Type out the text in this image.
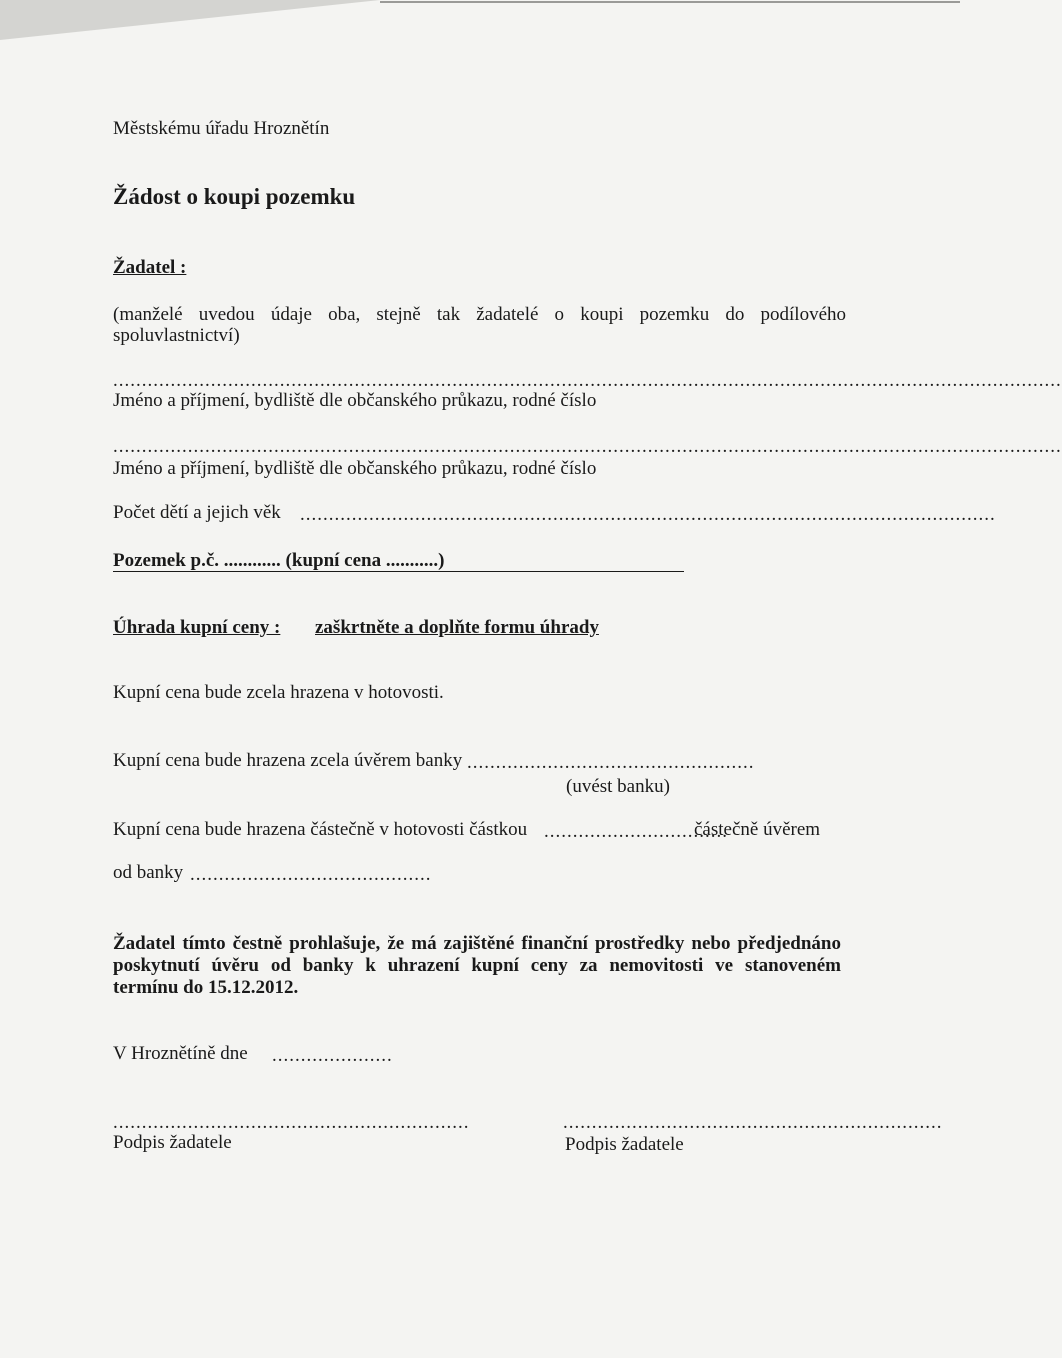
Městskému úřadu Hroznětín
Žádost o koupi pozemku
Žadatel :
(manželé uvedou údaje oba, stejně tak žadatelé o koupi pozemku do podílového
spoluvlastnictví)
.....................................................................................................................................................................
Jméno a příjmení, bydliště dle občanského průkazu, rodné číslo
.....................................................................................................................................................................
Jméno a příjmení, bydliště dle občanského průkazu, rodné číslo
Počet dětí a jejich věk .........................................................................................................................
Pozemek p.č. ............ (kupní cena ...........)
Úhrada kupní ceny : zaškrtněte a doplňte formu úhrady
Kupní cena bude zcela hrazena v hotovosti.
Kupní cena bude hrazena zcela úvěrem banky ..................................................
(uvést banku)
Kupní cena bude hrazena částečně v hotovosti částkou ................................
částečně úvěrem
od banky ..........................................
Žadatel tímto čestně prohlašuje, že má zajištěné finanční prostředky nebo předjednáno
poskytnutí úvěru od banky k uhrazení kupní ceny za nemovitosti ve stanoveném
termínu do 15.12.2012.
V Hroznětíně dne .....................
..............................................................
Podpis žadatele
..................................................................
Podpis žadatele
